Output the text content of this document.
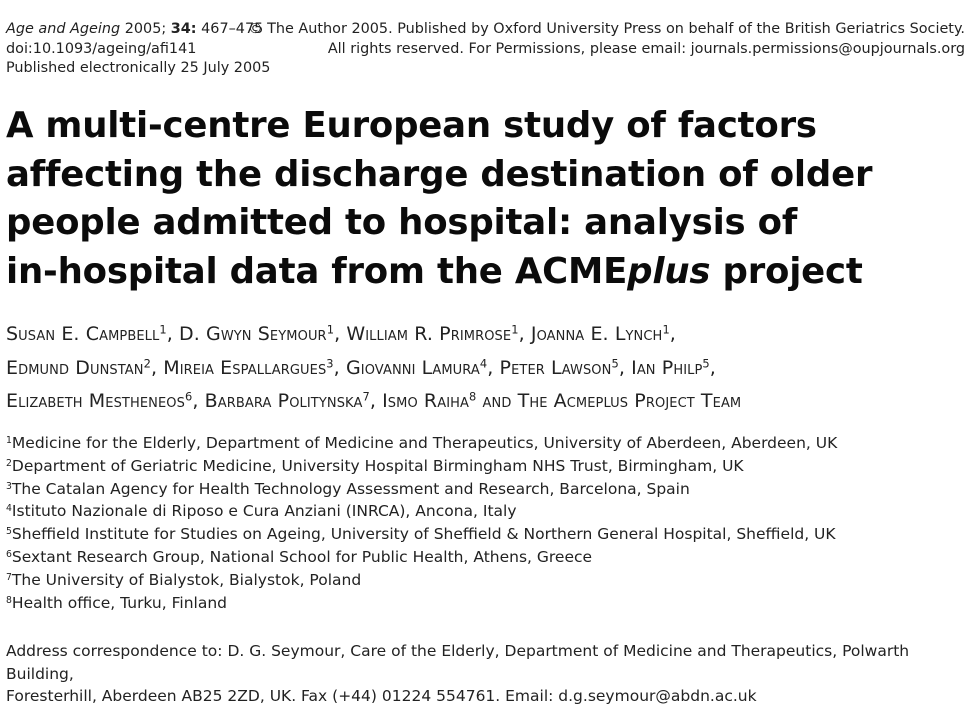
Age and Ageing 2005; 34: 467–475
doi:10.1093/ageing/afi141
Published electronically 25 July 2005
© The Author 2005. Published by Oxford University Press on behalf of the British Geriatrics Society.
All rights reserved. For Permissions, please email: journals.permissions@oupjournals.org
A multi-centre European study of factors
affecting the discharge destination of older
people admitted to hospital: analysis of
in-hospital data from the ACMEplus project
Susan E. Campbell$^1$, D. Gwyn Seymour$^1$, William R. Primrose$^1$, Joanna E. Lynch$^1$,
Edmund Dunstan$^2$, Mireia Espallargues$^3$, Giovanni Lamura$^4$, Peter Lawson$^5$, Ian Philp$^5$,
Elizabeth Mestheneos$^6$, Barbara Politynska$^7$, Ismo Raiha$^8$ and The Acmeplus Project Team
$^1$Medicine for the Elderly, Department of Medicine and Therapeutics, University of Aberdeen, Aberdeen, UK
$^2$Department of Geriatric Medicine, University Hospital Birmingham NHS Trust, Birmingham, UK
$^3$The Catalan Agency for Health Technology Assessment and Research, Barcelona, Spain
$^4$Istituto Nazionale di Riposo e Cura Anziani (INRCA), Ancona, Italy
$^5$Sheffield Institute for Studies on Ageing, University of Sheffield & Northern General Hospital, Sheffield, UK
$^6$Sextant Research Group, National School for Public Health, Athens, Greece
$^7$The University of Bialystok, Bialystok, Poland
$^8$Health office, Turku, Finland
Address correspondence to: D. G. Seymour, Care of the Elderly, Department of Medicine and Therapeutics, Polwarth Building,
Foresterhill, Aberdeen AB25 2ZD, UK. Fax (+44) 01224 554761. Email: d.g.seymour@abdn.ac.uk
